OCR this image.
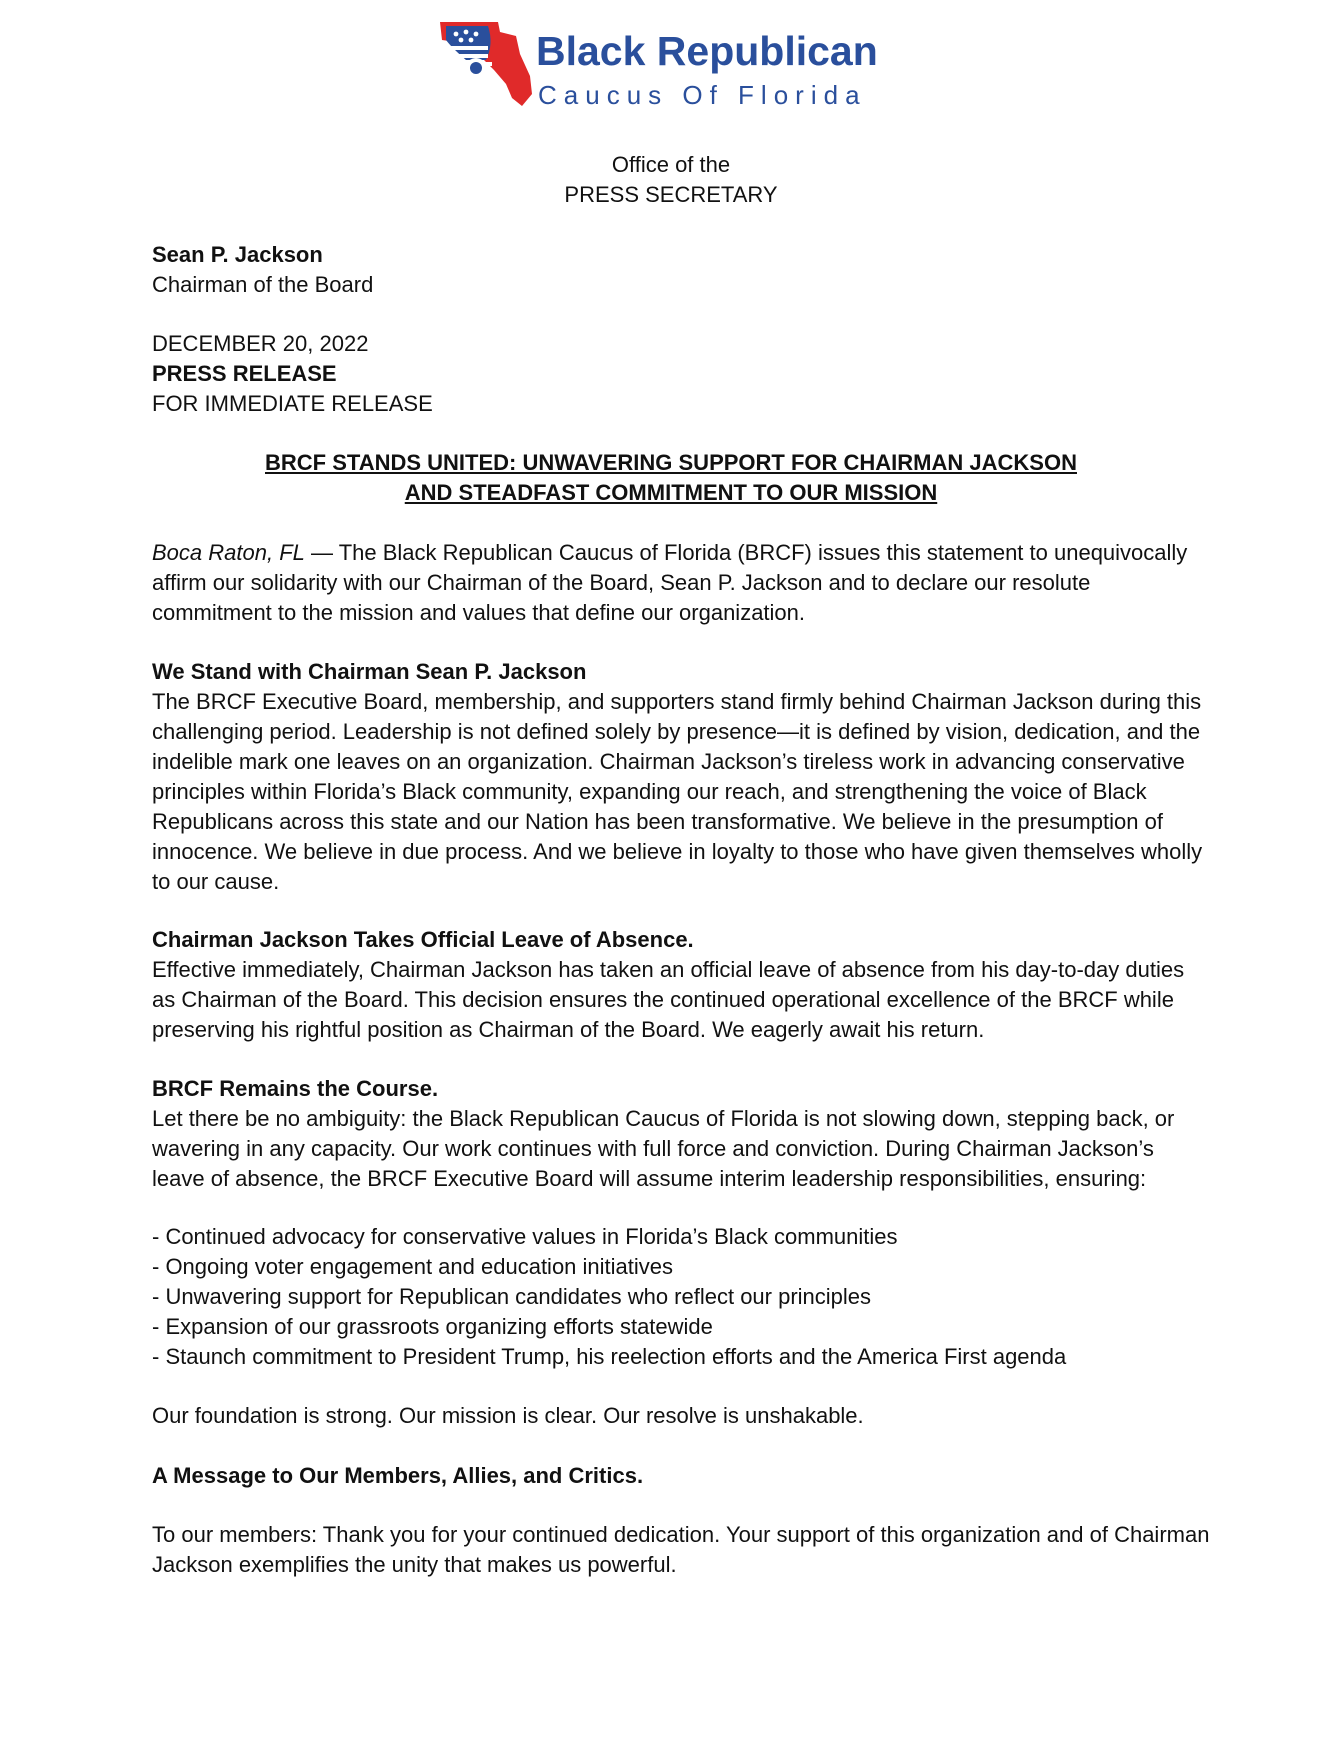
Black Republican
Caucus Of Florida

Office of the

PRESS SECRETARY

Sean P. Jackson

Chairman of the Board

DECEMBER 20, 2022

PRESS RELEASE

FOR IMMEDIATE RELEASE

BRCF STANDS UNITED: UNWAVERING SUPPORT FOR CHAIRMAN JACKSON

AND STEADFAST COMMITMENT TO OUR MISSION

Boca Raton, FL — The Black Republican Caucus of Florida (BRCF) issues this statement to unequivocally affirm our solidarity with our Chairman of the Board, Sean P. Jackson and to declare our resolute commitment to the mission and values that define our organization.

We Stand with Chairman Sean P. Jackson

The BRCF Executive Board, membership, and supporters stand firmly behind Chairman Jackson during this challenging period. Leadership is not defined solely by presence—it is defined by vision, dedication, and the indelible mark one leaves on an organization. Chairman Jackson’s tireless work in advancing conservative principles within Florida’s Black community, expanding our reach, and strengthening the voice of Black Republicans across this state and our Nation has been transformative. We believe in the presumption of innocence. We believe in due process. And we believe in loyalty to those who have given themselves wholly to our cause.

Chairman Jackson Takes Official Leave of Absence.

Effective immediately, Chairman Jackson has taken an official leave of absence from his day-to-day duties as Chairman of the Board. This decision ensures the continued operational excellence of the BRCF while preserving his rightful position as Chairman of the Board. We eagerly await his return.

BRCF Remains the Course.

Let there be no ambiguity: the Black Republican Caucus of Florida is not slowing down, stepping back, or wavering in any capacity. Our work continues with full force and conviction. During Chairman Jackson’s leave of absence, the BRCF Executive Board will assume interim leadership responsibilities, ensuring:

- Continued advocacy for conservative values in Florida’s Black communities

- Ongoing voter engagement and education initiatives

- Unwavering support for Republican candidates who reflect our principles

- Expansion of our grassroots organizing efforts statewide

- Staunch commitment to President Trump, his reelection efforts and the America First agenda

Our foundation is strong. Our mission is clear. Our resolve is unshakable.

A Message to Our Members, Allies, and Critics.

To our members: Thank you for your continued dedication. Your support of this organization and of Chairman Jackson exemplifies the unity that makes us powerful.
